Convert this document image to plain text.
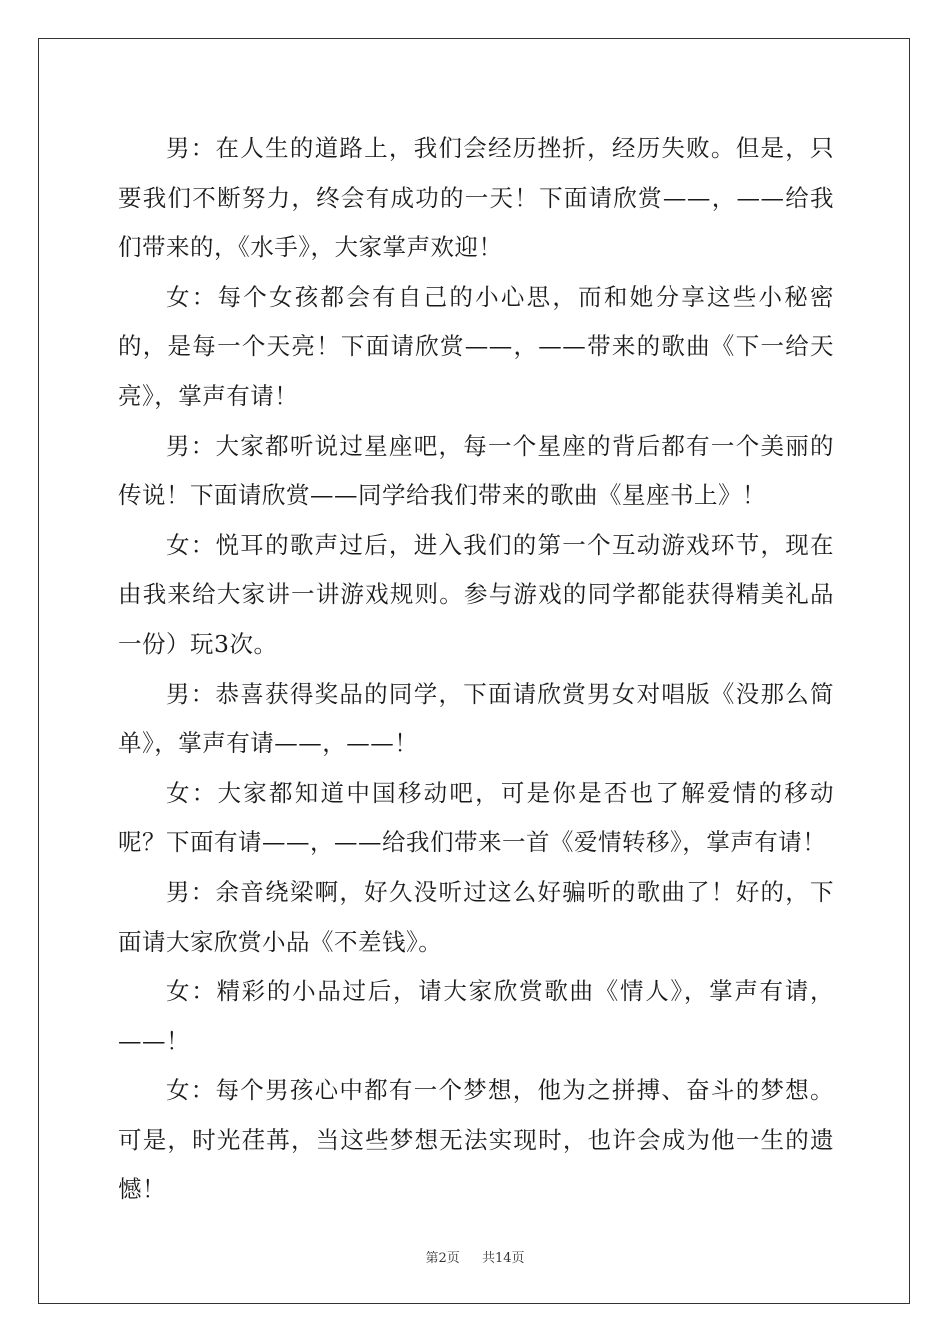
男：在人生的道路上，我们会经历挫折，经历失败。但是，只要我们不断努力，终会有成功的一天！下面请欣赏——，——给我们带来的，《水手》，大家掌声欢迎！

女：每个女孩都会有自己的小心思，而和她分享这些小秘密的，是每一个天亮！下面请欣赏——，——带来的歌曲《下一给天亮》，掌声有请！

男：大家都听说过星座吧，每一个星座的背后都有一个美丽的传说！下面请欣赏——同学给我们带来的歌曲《星座书上》！

女：悦耳的歌声过后，进入我们的第一个互动游戏环节，现在由我来给大家讲一讲游戏规则。参与游戏的同学都能获得精美礼品一份）玩3次。

男：恭喜获得奖品的同学，下面请欣赏男女对唱版《没那么简单》，掌声有请——，——！

女：大家都知道中国移动吧，可是你是否也了解爱情的移动呢？下面有请——，——给我们带来一首《爱情转移》，掌声有请！

男：余音绕梁啊，好久没听过这么好骗听的歌曲了！好的，下面请大家欣赏小品《不差钱》。

女：精彩的小品过后，请大家欣赏歌曲《情人》，掌声有请，——！

女：每个男孩心中都有一个梦想，他为之拼搏、奋斗的梦想。可是，时光荏苒，当这些梦想无法实现时，也许会成为他一生的遗憾！

第2页 共14页
